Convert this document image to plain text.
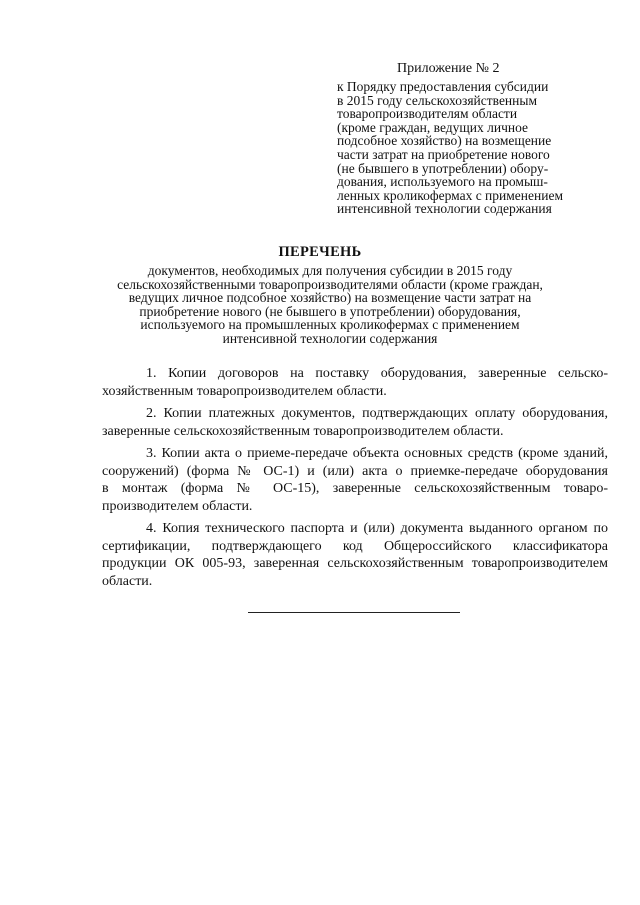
Приложение № 2
к Порядку предоставления субсидии
в 2015 году сельскохозяйственным
товаропроизводителям области
(кроме граждан, ведущих личное
подсобное хозяйство) на возмещение
части затрат на приобретение нового
(не бывшего в употреблении) обору-
дования, используемого на промыш-
ленных кроликофермах с применением
интенсивной технологии содержания
ПЕРЕЧЕНЬ
документов, необходимых для получения субсидии в 2015 году
сельскохозяйственными товаропроизводителями области (кроме граждан,
ведущих личное подсобное хозяйство) на возмещение части затрат на
приобретение нового (не бывшего в употреблении) оборудования,
используемого на промышленных кроликофермах с применением
интенсивной технологии содержания
1. Копии договоров на поставку оборудования, заверенные сельско-
хозяйственным товаропроизводителем области.
2. Копии платежных документов, подтверждающих оплату оборудования,
заверенные сельскохозяйственным товаропроизводителем области.
3. Копии акта о приеме-передаче объекта основных средств (кроме зданий,
сооружений) (форма № ОС-1) и (или) акта о приемке-передаче оборудования
в монтаж (форма № ОС-15), заверенные сельскохозяйственным товаро-
производителем области.
4. Копия технического паспорта и (или) документа выданного органом по
сертификации, подтверждающего код Общероссийского классификатора
продукции ОК 005-93, заверенная сельскохозяйственным товаропроизводителем
области.
